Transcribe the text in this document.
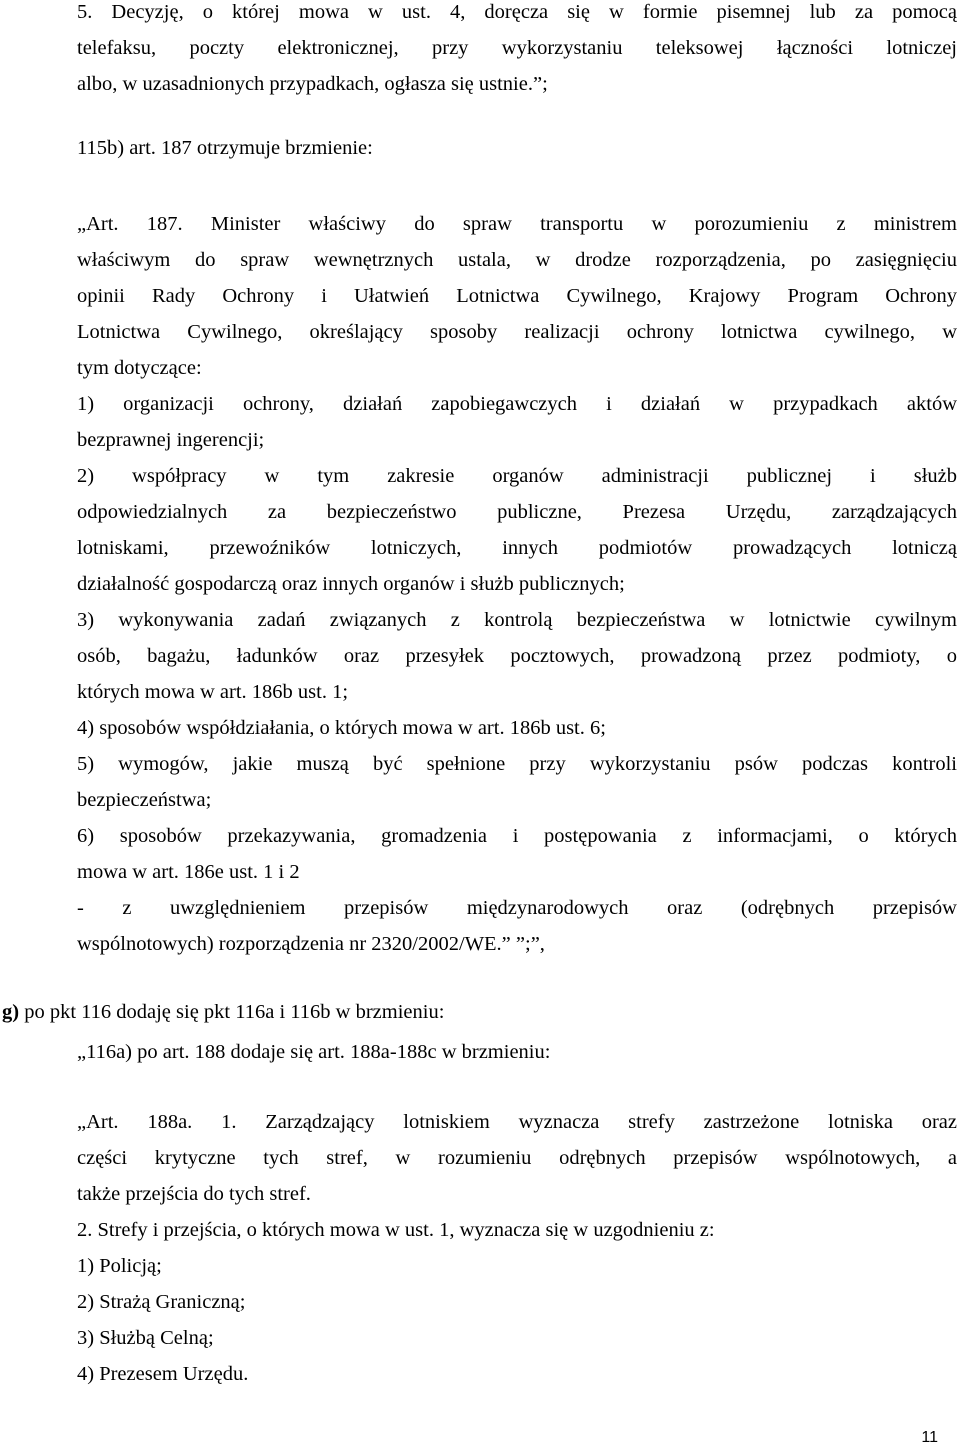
5. Decyzję, o której mowa w ust. 4, doręcza się w formie pisemnej lub za pomocą
telefaksu, poczty elektronicznej, przy wykorzystaniu teleksowej łączności lotniczej
albo, w uzasadnionych przypadkach, ogłasza się ustnie.”;
115b) art. 187 otrzymuje brzmienie:
„Art. 187. Minister właściwy do spraw transportu w porozumieniu z ministrem
właściwym do spraw wewnętrznych ustala, w drodze rozporządzenia, po zasięgnięciu
opinii Rady Ochrony i Ułatwień Lotnictwa Cywilnego, Krajowy Program Ochrony
Lotnictwa Cywilnego, określający sposoby realizacji ochrony lotnictwa cywilnego, w
tym dotyczące:
1) organizacji ochrony, działań zapobiegawczych i działań w przypadkach aktów
bezprawnej ingerencji;
2) współpracy w tym zakresie organów administracji publicznej i służb
odpowiedzialnych za bezpieczeństwo publiczne, Prezesa Urzędu, zarządzających
lotniskami, przewoźników lotniczych, innych podmiotów prowadzących lotniczą
działalność gospodarczą oraz innych organów i służb publicznych;
3) wykonywania zadań związanych z kontrolą bezpieczeństwa w lotnictwie cywilnym
osób, bagażu, ładunków oraz przesyłek pocztowych, prowadzoną przez podmioty, o
których mowa w art. 186b ust. 1;
4) sposobów współdziałania, o których mowa w art. 186b ust. 6;
5) wymogów, jakie muszą być spełnione przy wykorzystaniu psów podczas kontroli
bezpieczeństwa;
6) sposobów przekazywania, gromadzenia i postępowania z informacjami, o których
mowa w art. 186e ust. 1 i 2
- z uwzględnieniem przepisów międzynarodowych oraz (odrębnych przepisów
wspólnotowych) rozporządzenia nr 2320/2002/WE.” ”;”,
g) po pkt 116 dodaję się pkt 116a i 116b w brzmieniu:
„116a) po art. 188 dodaje się art. 188a-188c w brzmieniu:
„Art. 188a. 1. Zarządzający lotniskiem wyznacza strefy zastrzeżone lotniska oraz
części krytyczne tych stref, w rozumieniu odrębnych przepisów wspólnotowych, a
także przejścia do tych stref.
2. Strefy i przejścia, o których mowa w ust. 1, wyznacza się w uzgodnieniu z:
1) Policją;
2) Strażą Graniczną;
3) Służbą Celną;
4) Prezesem Urzędu.
11
